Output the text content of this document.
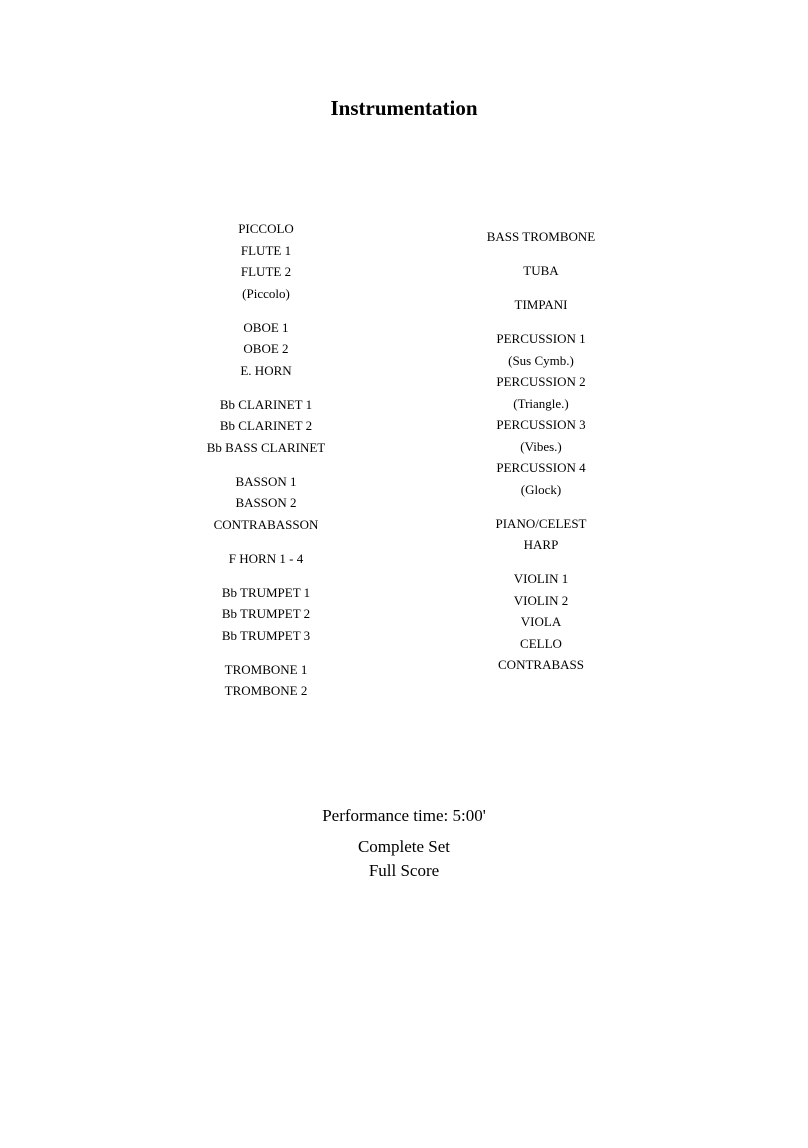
Instrumentation
PICCOLO
FLUTE 1
FLUTE 2
(Piccolo)
OBOE 1
OBOE 2
E. HORN
Bb CLARINET 1
Bb CLARINET 2
Bb BASS CLARINET
BASSON 1
BASSON 2
CONTRABASSON
F HORN 1 - 4
Bb TRUMPET 1
Bb TRUMPET 2
Bb TRUMPET 3
TROMBONE 1
TROMBONE 2
BASS TROMBONE
TUBA
TIMPANI
PERCUSSION 1
(Sus Cymb.)
PERCUSSION 2
(Triangle.)
PERCUSSION 3
(Vibes.)
PERCUSSION 4
(Glock)
PIANO/CELEST
HARP
VIOLIN 1
VIOLIN 2
VIOLA
CELLO
CONTRABASS
Performance time: 5:00'
Complete Set
Full Score
